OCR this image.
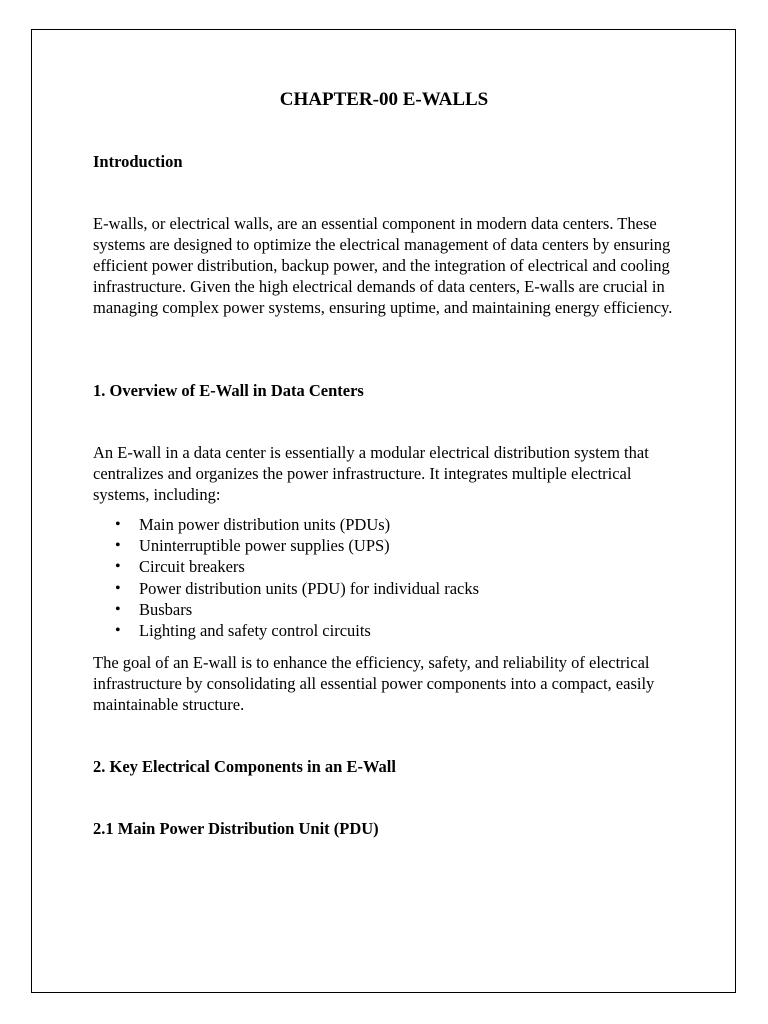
CHAPTER-00 E-WALLS
Introduction

E-walls, or electrical walls, are an essential component in modern data centers. These systems are designed to optimize the electrical management of data centers by ensuring efficient power distribution, backup power, and the integration of electrical and cooling infrastructure. Given the high electrical demands of data centers, E-walls are crucial in managing complex power systems, ensuring uptime, and maintaining energy efficiency.

1. Overview of E-Wall in Data Centers

An E-wall in a data center is essentially a modular electrical distribution system that centralizes and organizes the power infrastructure. It integrates multiple electrical systems, including:

• Main power distribution units (PDUs)
• Uninterruptible power supplies (UPS)
• Circuit breakers
• Power distribution units (PDU) for individual racks
• Busbars
• Lighting and safety control circuits

The goal of an E-wall is to enhance the efficiency, safety, and reliability of electrical infrastructure by consolidating all essential power components into a compact, easily maintainable structure.

2. Key Electrical Components in an E-Wall
2.1 Main Power Distribution Unit (PDU)
